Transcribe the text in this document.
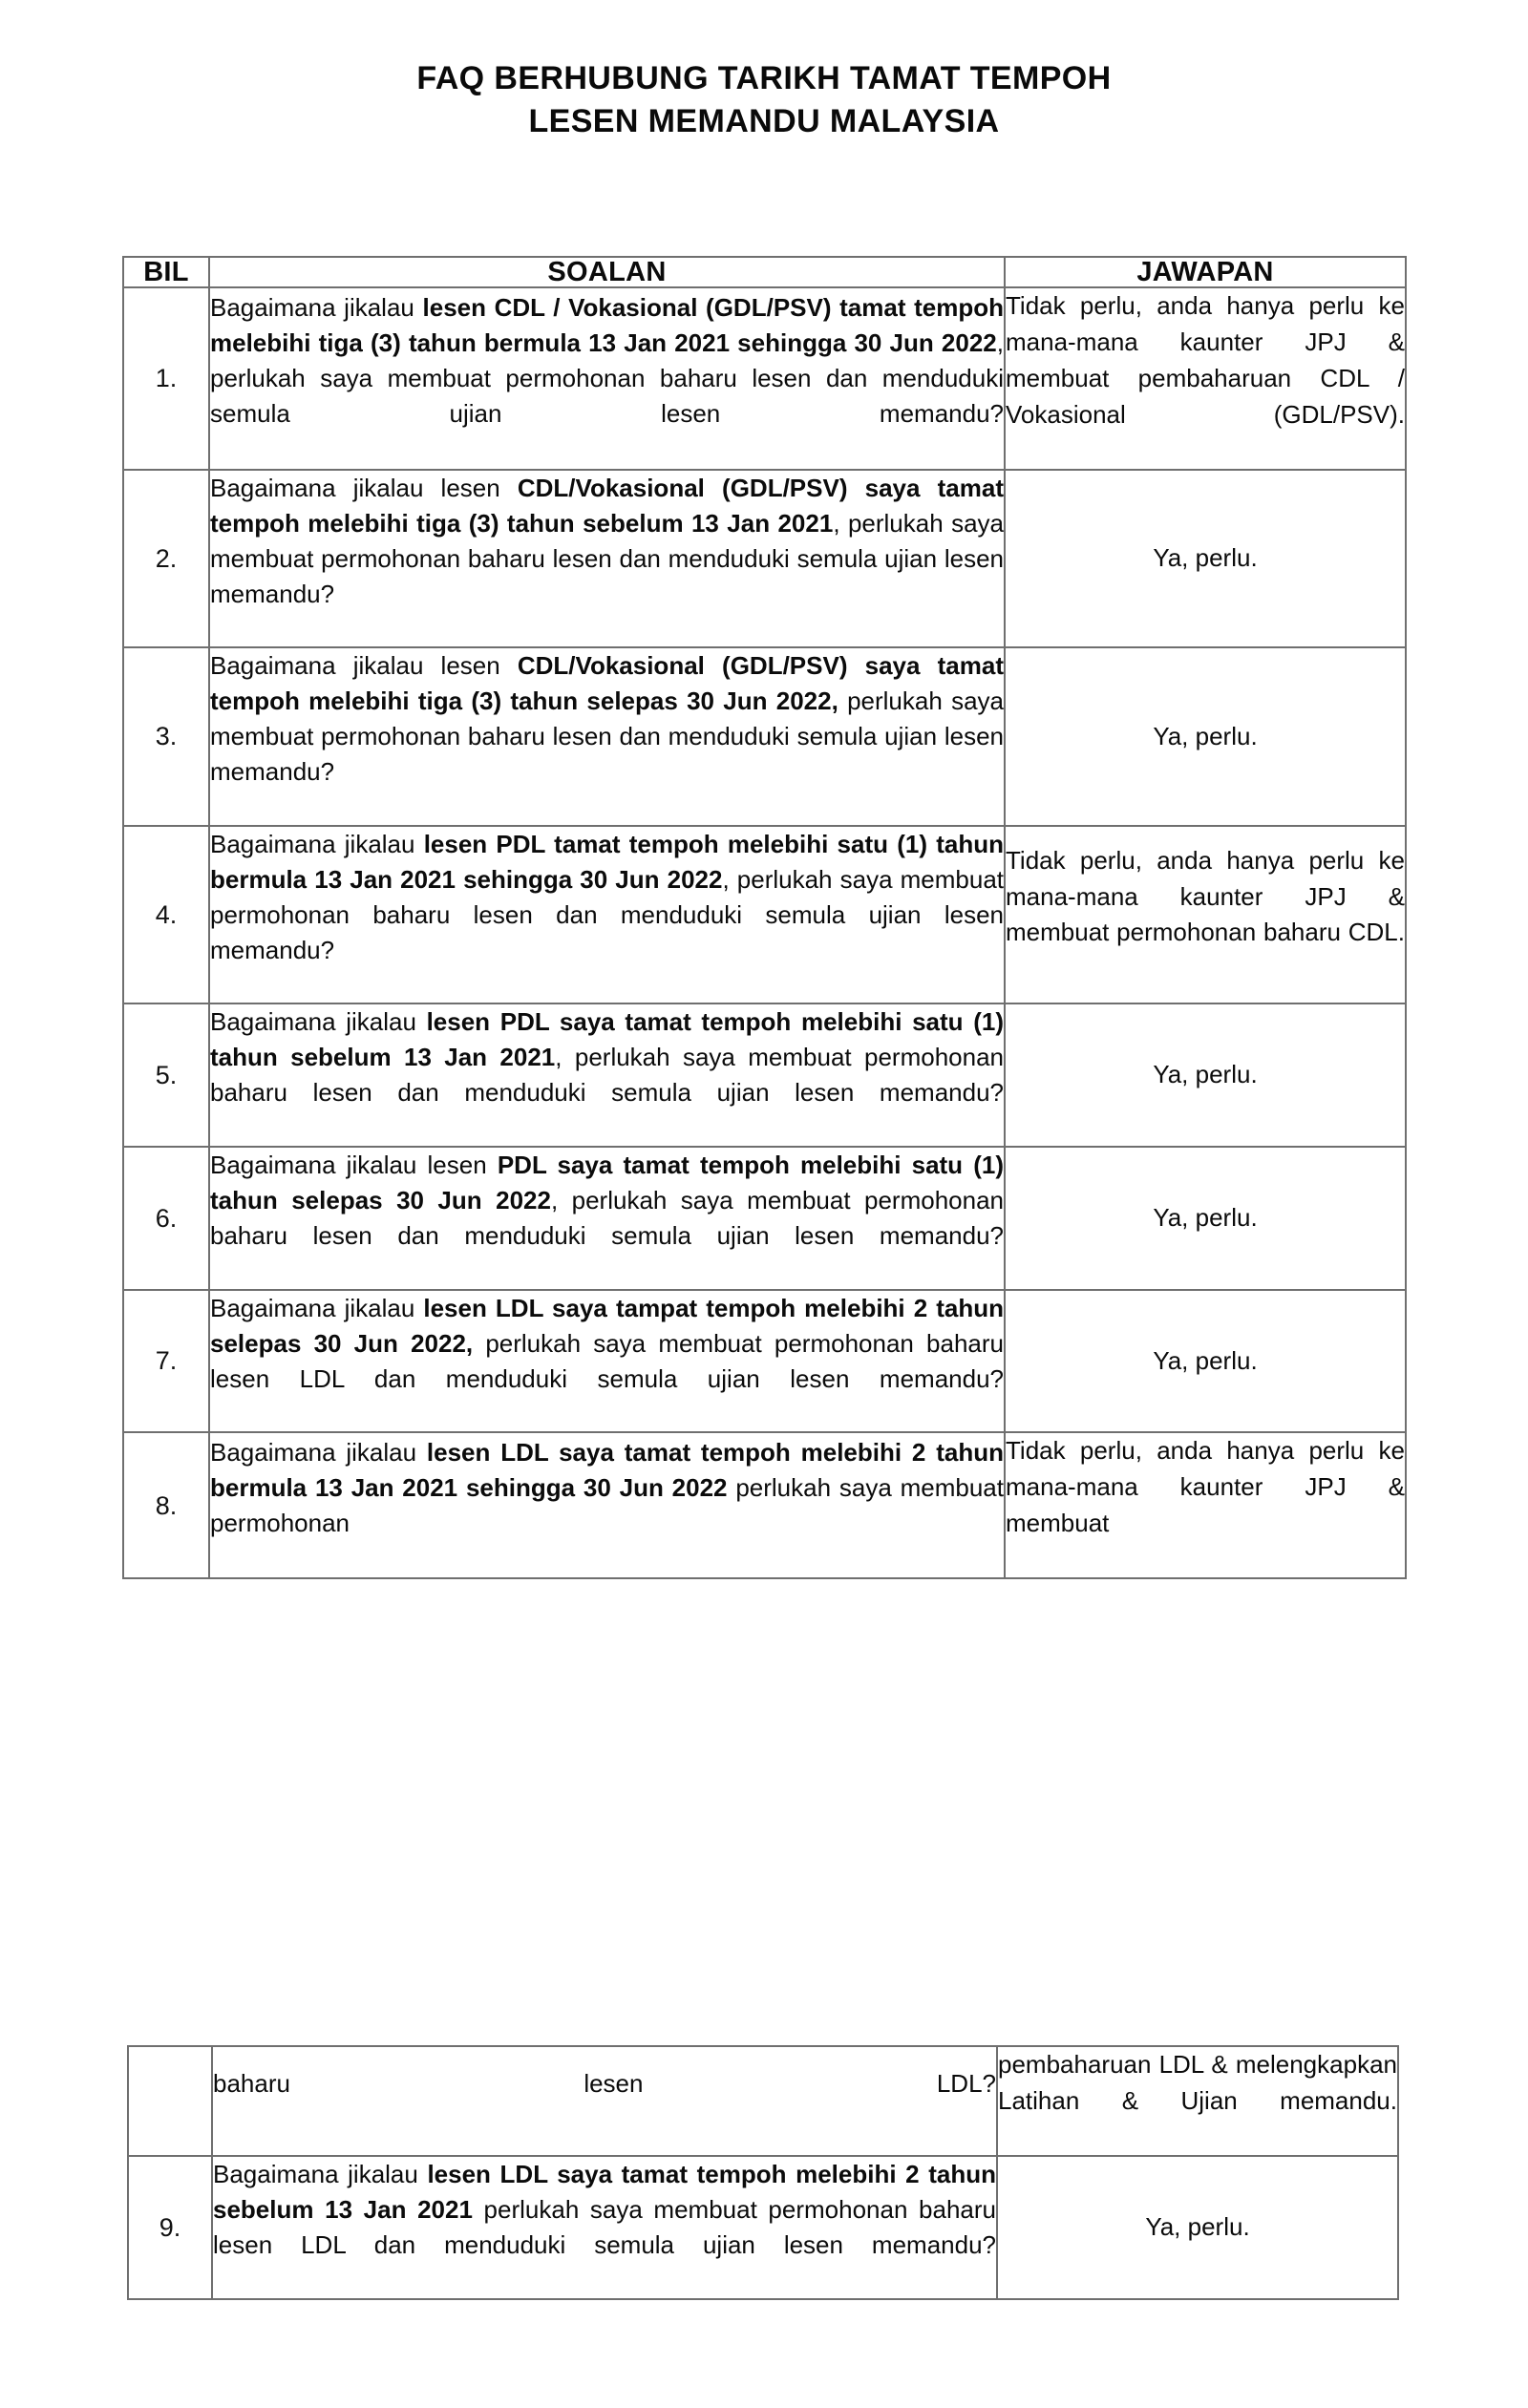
FAQ BERHUBUNG TARIKH TAMAT TEMPOH
LESEN MEMANDU MALAYSIA
BIL	SOALAN	JAWAPAN
1.	Bagaimana jikalau lesen CDL / Vokasional (GDL/PSV) tamat tempoh melebihi tiga (3) tahun bermula 13 Jan 2021 sehingga 30 Jun 2022, perlukah saya membuat permohonan baharu lesen dan menduduki semula ujian lesen memandu?	Tidak perlu, anda hanya perlu ke mana-mana kaunter JPJ & membuat pembaharuan CDL / Vokasional (GDL/PSV).

2.	Bagaimana jikalau lesen CDL/Vokasional (GDL/PSV) saya tamat tempoh melebihi tiga (3) tahun sebelum 13 Jan 2021, perlukah saya membuat permohonan baharu lesen dan menduduki semula ujian lesen memandu?	Ya, perlu.

3.	Bagaimana jikalau lesen CDL/Vokasional (GDL/PSV) saya tamat tempoh melebihi tiga (3) tahun selepas 30 Jun 2022, perlukah saya membuat permohonan baharu lesen dan menduduki semula ujian lesen memandu?	Ya, perlu.

4.	Bagaimana jikalau lesen PDL tamat tempoh melebihi satu (1) tahun bermula 13 Jan 2021 sehingga 30 Jun 2022, perlukah saya membuat permohonan baharu lesen dan menduduki semula ujian lesen memandu?	Tidak perlu, anda hanya perlu ke mana-mana kaunter JPJ & membuat permohonan baharu CDL.

5.	Bagaimana jikalau lesen PDL saya tamat tempoh melebihi satu (1) tahun sebelum 13 Jan 2021, perlukah saya membuat permohonan baharu lesen dan menduduki semula ujian lesen memandu?	Ya, perlu.

6.	Bagaimana jikalau lesen PDL saya tamat tempoh melebihi satu (1) tahun selepas 30 Jun 2022, perlukah saya membuat permohonan baharu lesen dan menduduki semula ujian lesen memandu?	Ya, perlu.

7.	Bagaimana jikalau lesen LDL saya tampat tempoh melebihi 2 tahun selepas 30 Jun 2022, perlukah saya membuat permohonan baharu lesen LDL dan menduduki semula ujian lesen memandu?	Ya, perlu.

8.	Bagaimana jikalau lesen LDL saya tamat tempoh melebihi 2 tahun bermula 13 Jan 2021 sehingga 30 Jun 2022 perlukah saya membuat permohonan	Tidak perlu, anda hanya perlu ke mana-mana kaunter JPJ & membuat

	baharu lesen LDL?	pembaharuan LDL & melengkapkan Latihan & Ujian memandu.

9.	Bagaimana jikalau lesen LDL saya tamat tempoh melebihi 2 tahun sebelum 13 Jan 2021 perlukah saya membuat permohonan baharu lesen LDL dan menduduki semula ujian lesen memandu?	Ya, perlu.
